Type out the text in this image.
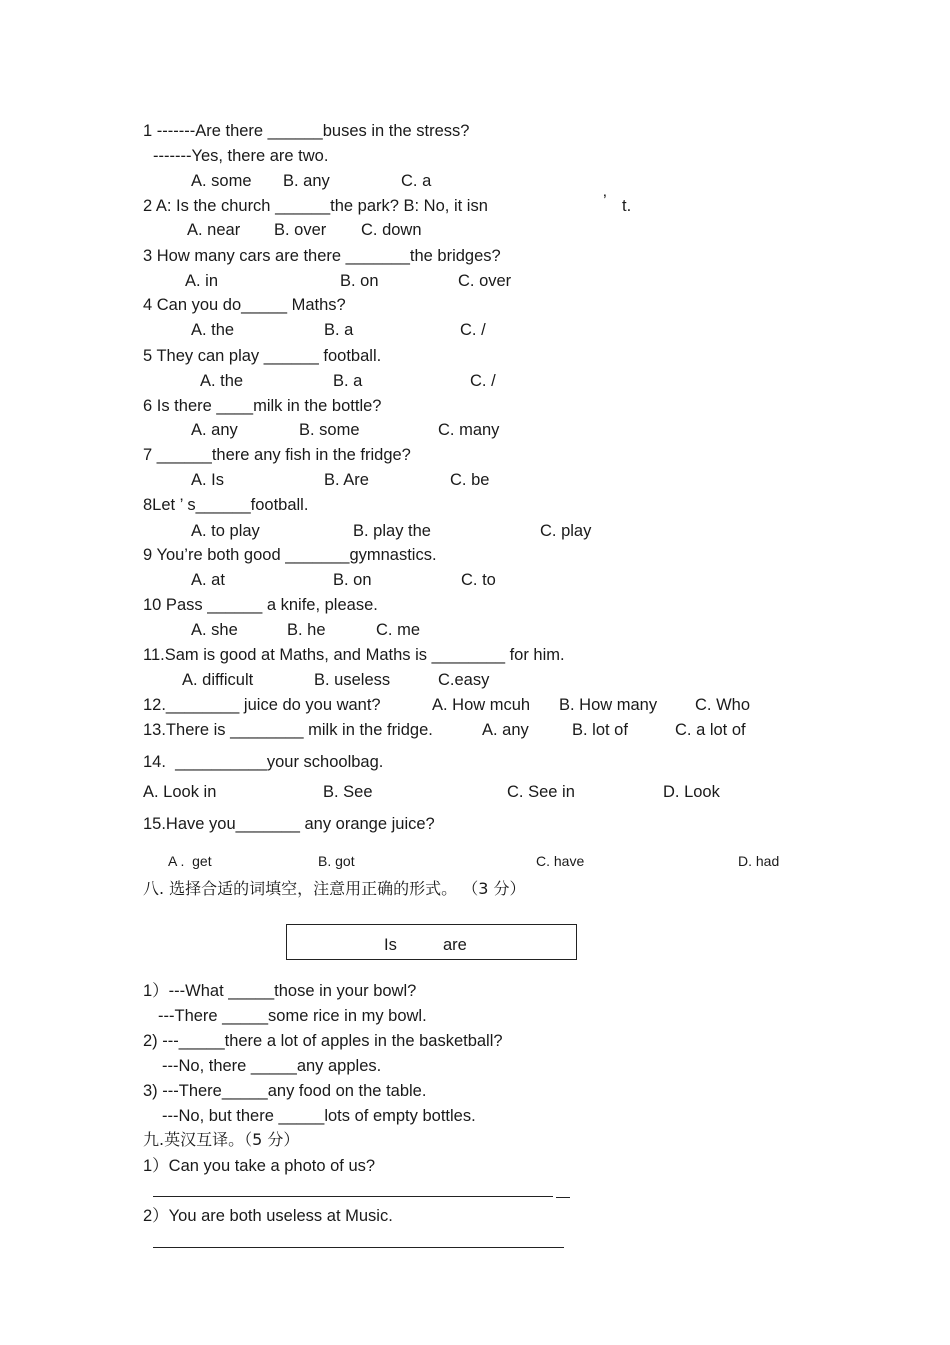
1 -------Are there ______buses in the stress?
-------Yes, there are two.
A. some B. any	C. a
2 A: Is the church ______the park? B: No, it isn	’ t.
A. near B. over C. down
3 How many cars are there _______the bridges?
A. in	B. on	C. over
4 Can you do_____ Maths?
A. the	B. a	C. /
5 They can play ______ football.
A. the	B. a	C. /
6 Is there ____milk in the bottle?
A. any	B. some	C. many
7 ______there any fish in the fridge?
A. Is	B. Are	C. be
8Let ’ s______football.
A. to play	B. play the	C. play
9 You’re both good _______gymnastics.
A. at	B. on	C. to
10 Pass ______ a knife, please.
A. she	B. he	C. me
11.Sam is good at Maths, and Maths is ________ for him.
A. difficult	B. useless	C.easy
12.________ juice do you want?	A. How mcuh B. How many C. Who
13.There is ________ milk in the fridge.	A. any	B. lot of	C. a lot of
14.  __________your schoolbag.
A. Look in	B. See	C. See in	D. Look
15.Have you_______ any orange juice?
A .  get	B. got	C. have	D. had
八. 选择合适的词填空，注意用正确的形式。 （3 分）
Is	are
1）---What _____those in your bowl?
---There _____some rice in my bowl.
2) ---_____there a lot of apples in the basketball?
---No, there _____any apples.
3) ---There_____any food on the table.
---No, but there _____lots of empty bottles.
九.英汉互译。（5 分）
1）Can you take a photo of us?
2）You are both useless at Music.
